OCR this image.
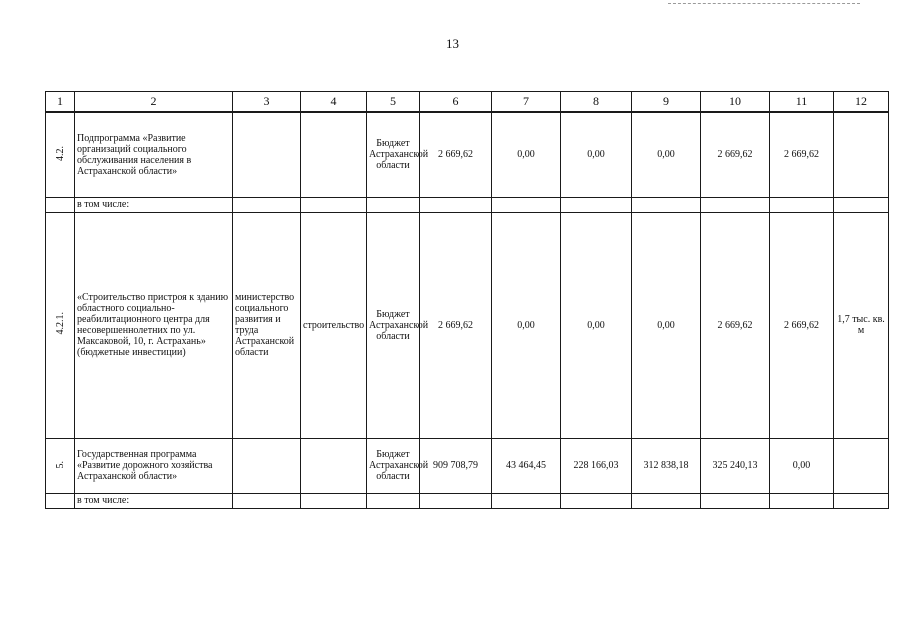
13
1	2	3	4	5	6	7	8	9	10	11	12
4.2.	Подпрограмма «Развитие организаций социального обслуживания населения в Астраханской области»			Бюджет Астраханской области	2 669,62	0,00	0,00	0,00	2 669,62	2 669,62	
	в том числе:										
4.2.1.	«Строительство пристроя к зданию областного социально-реабилитационного центра для несовершеннолетних по ул. Максаковой, 10, г. Астрахань» (бюджетные инвестиции)	министерство социального развития и труда Астраханской области	строительство	Бюджет Астраханской области	2 669,62	0,00	0,00	0,00	2 669,62	2 669,62	1,7 тыс. кв. м
5.	Государственная программа «Развитие дорожного хозяйства Астраханской области»			Бюджет Астраханской области	909 708,79	43 464,45	228 166,03	312 838,18	325 240,13	0,00	
	в том числе:										
